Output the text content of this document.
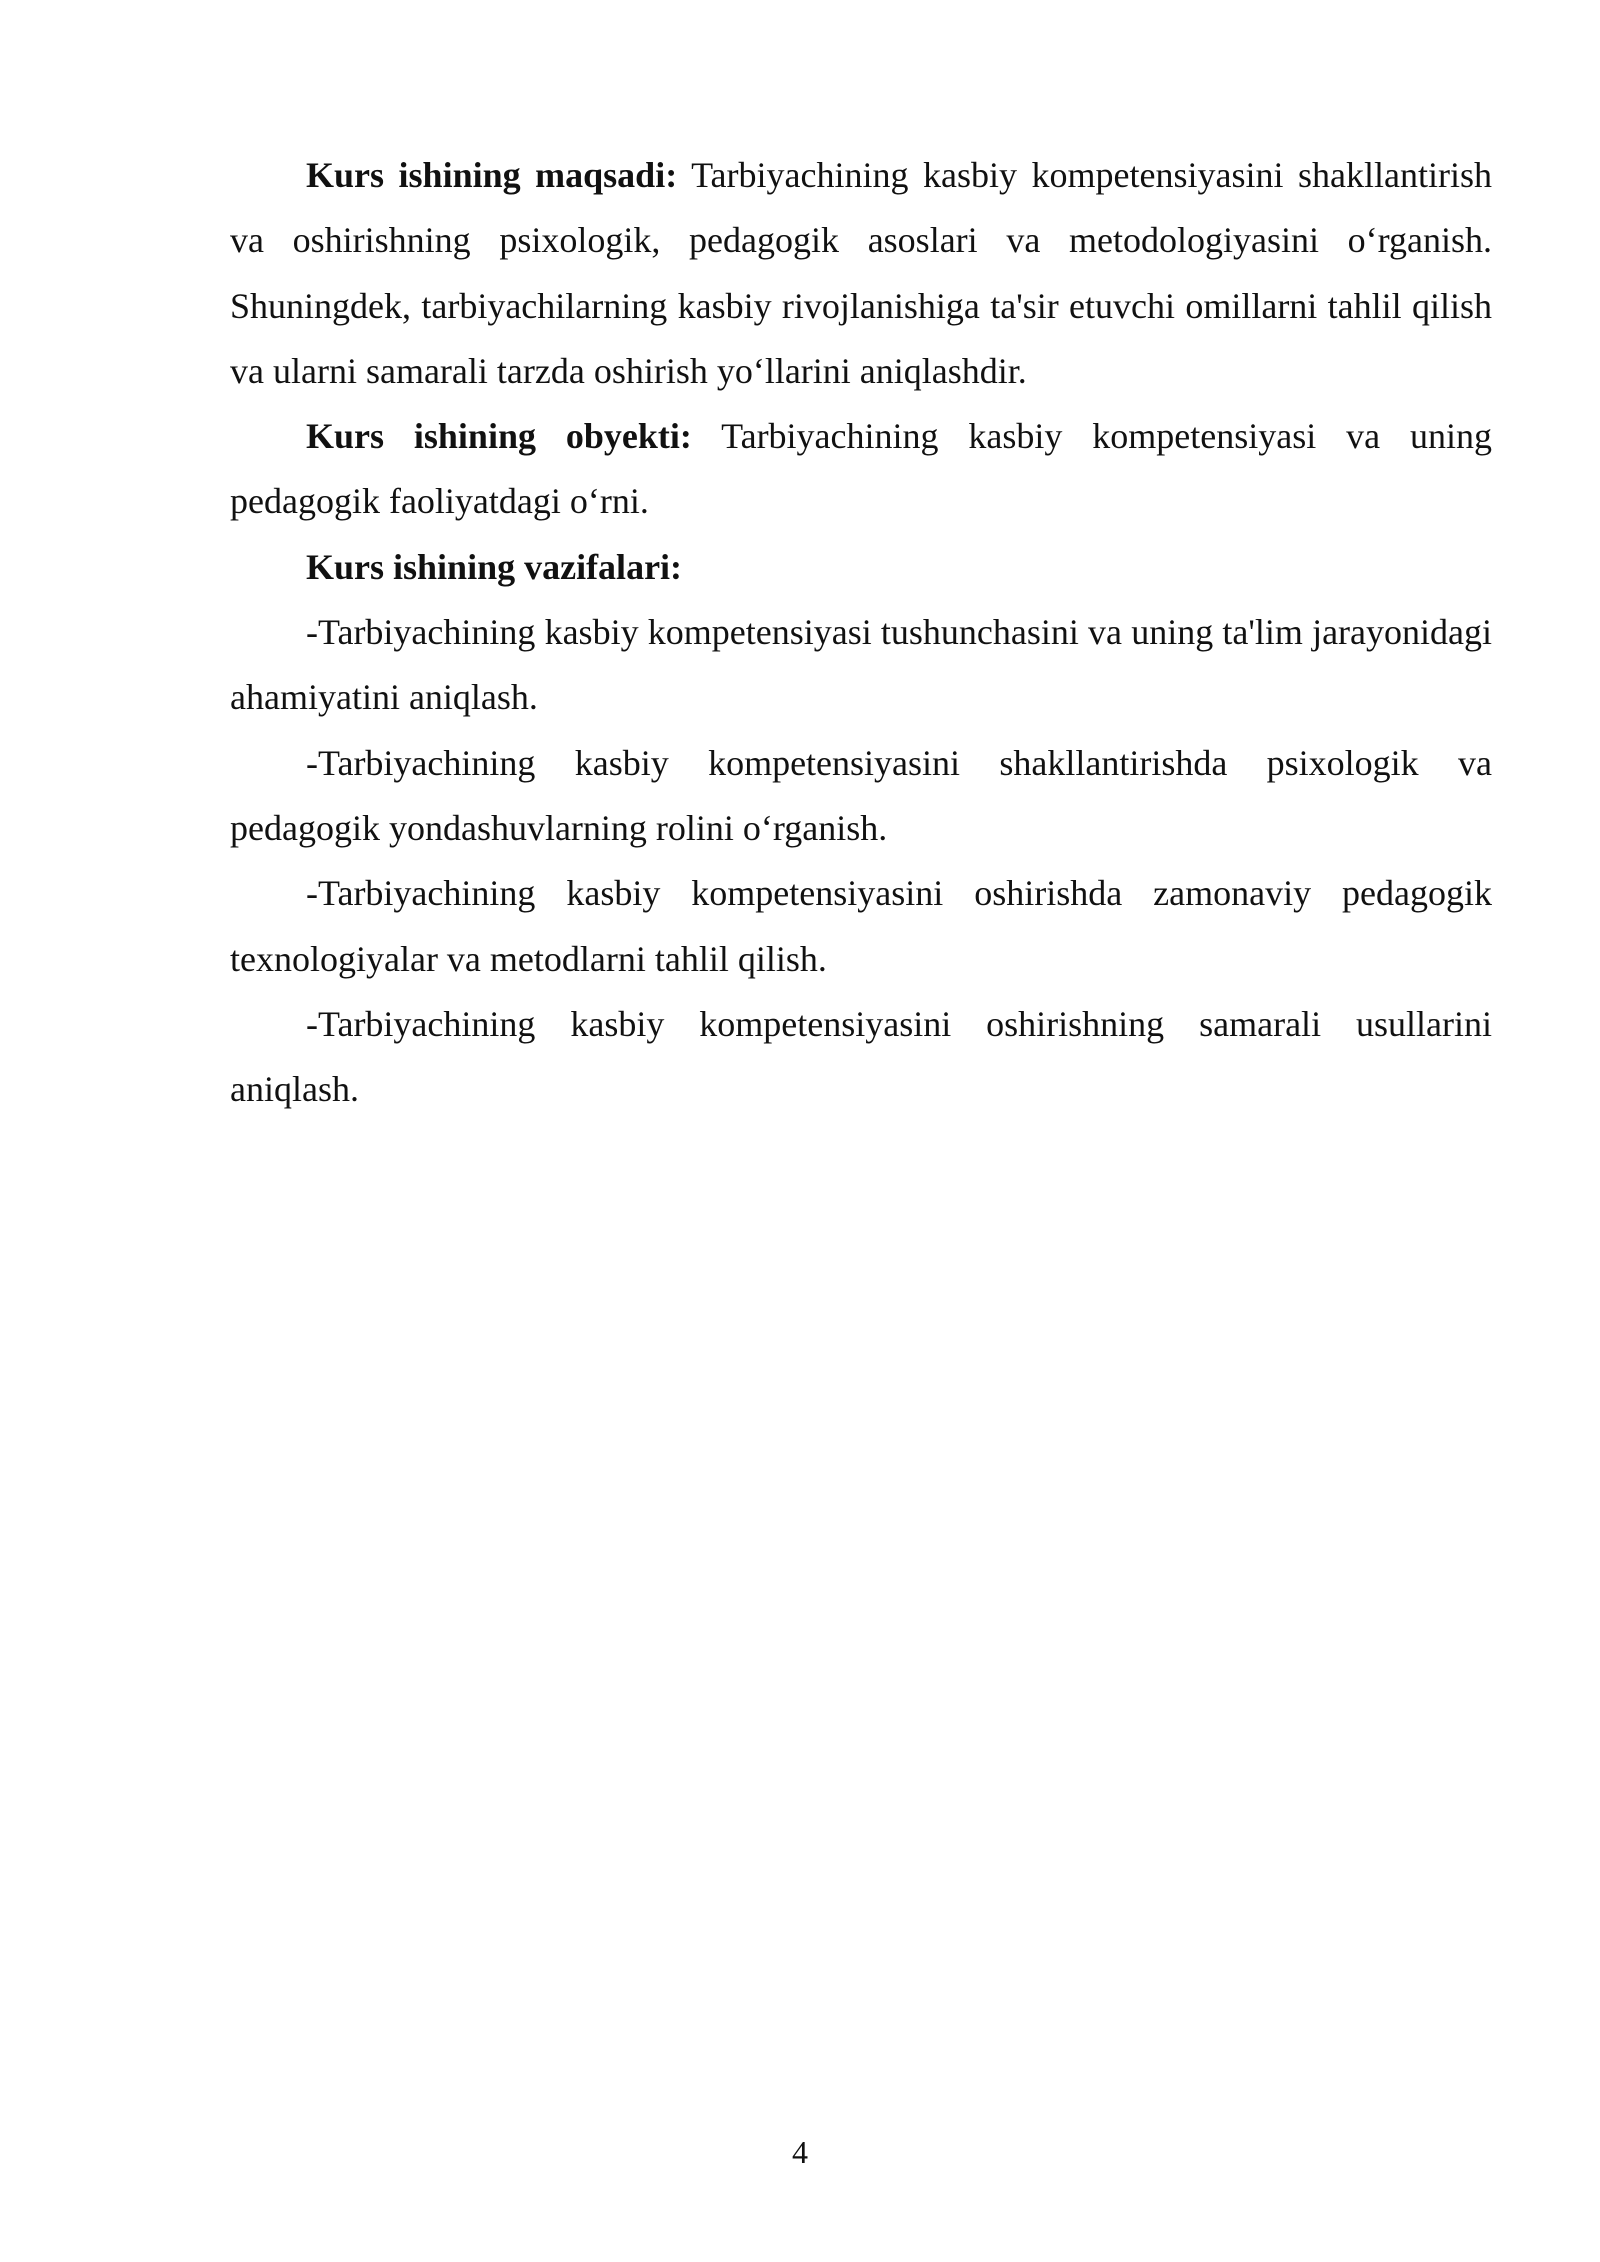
Kurs ishining maqsadi: Tarbiyachining kasbiy kompetensiyasini shakllantirish va oshirishning psixologik, pedagogik asoslari va metodologiyasini o‘rganish. Shuningdek, tarbiyachilarning kasbiy rivojlanishiga ta'sir etuvchi omillarni tahlil qilish va ularni samarali tarzda oshirish yo‘llarini aniqlashdir.

Kurs ishining obyekti: Tarbiyachining kasbiy kompetensiyasi va uning pedagogik faoliyatdagi o‘rni.

Kurs ishining vazifalari:

-Tarbiyachining kasbiy kompetensiyasi tushunchasini va uning ta'lim jarayonidagi ahamiyatini aniqlash.

-Tarbiyachining kasbiy kompetensiyasini shakllantirishda psixologik va pedagogik yondashuvlarning rolini o‘rganish.

-Tarbiyachining kasbiy kompetensiyasini oshirishda zamonaviy pedagogik texnologiyalar va metodlarni tahlil qilish.

-Tarbiyachining kasbiy kompetensiyasini oshirishning samarali usullarini aniqlash.

4
